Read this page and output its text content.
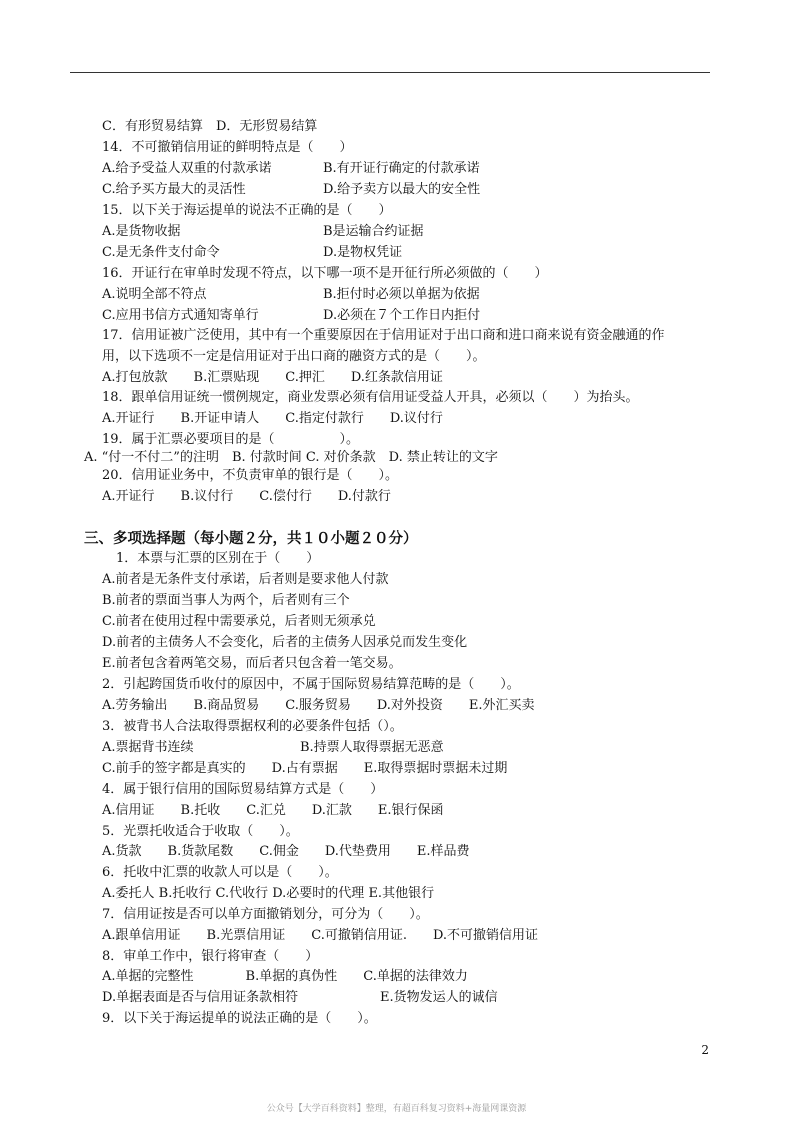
C．有形贸易结算　D．无形贸易结算
14．不可撤销信用证的鲜明特点是（　　）
A.给予受益人双重的付款承诺	B.有开证行确定的付款承诺
C.给予买方最大的灵活性	D.给予卖方以最大的安全性
15．以下关于海运提单的说法不正确的是（　　）
A.是货物收据	B是运输合约证据
C.是无条件支付命令	D.是物权凭证
16．开证行在审单时发现不符点，以下哪一项不是开征行所必须做的（　　）
A.说明全部不符点	B.拒付时必须以单据为依据
C.应用书信方式通知寄单行	D.必须在７个工作日内拒付
17．信用证被广泛使用，其中有一个重要原因在于信用证对于出口商和进口商来说有资金融通的作
用，以下选项不一定是信用证对于出口商的融资方式的是（　　）。
A.打包放款　　B.汇票贴现　　C.押汇　　D.红条款信用证
18．跟单信用证统一惯例规定，商业发票必须有信用证受益人开具，必须以（　　）为抬头。
A.开证行　　B.开证申请人　　C.指定付款行　　D.议付行
19．属于汇票必要项目的是（　　　　　）。
A. “付一不付二”的注明　B. 付款时间 C. 对价条款　D. 禁止转让的文字
20．信用证业务中，不负责审单的银行是（　　）。
A.开证行　　B.议付行　　C.偿付行　　D.付款行
三、多项选择题（每小题２分，共１０小题２０分）
1．本票与汇票的区别在于（　　）
A.前者是无条件支付承诺，后者则是要求他人付款
B.前者的票面当事人为两个，后者则有三个
C.前者在使用过程中需要承兑，后者则无须承兑
D.前者的主债务人不会变化，后者的主债务人因承兑而发生变化
E.前者包含着两笔交易，而后者只包含着一笔交易。
2．引起跨国货币收付的原因中，不属于国际贸易结算范畴的是（　　）。
A.劳务输出　　B.商品贸易　　C.服务贸易　　D.对外投资　　E.外汇买卖
3．被背书人合法取得票据权利的必要条件包括（）。
A.票据背书连续	B.持票人取得票据无恶意
C.前手的签字都是真实的　　D.占有票据　　E.取得票据时票据未过期
4．属于银行信用的国际贸易结算方式是（　　）
A.信用证　　B.托收　　C.汇兑　　D.汇款　　E.银行保函
5．光票托收适合于收取（　　）。
A.货款　　B.货款尾数　　C.佣金　　D.代垫费用　　E.样品费
6．托收中汇票的收款人可以是（　　）。
A.委托人 B.托收行 C.代收行 D.必要时的代理 E.其他银行
7．信用证按是否可以单方面撤销划分，可分为（　　）。
A.跟单信用证　　B.光票信用证　　C.可撤销信用证.　　D.不可撤销信用证
8．审单工作中，银行将审查（　　）
A.单据的完整性　　　　B.单据的真伪性　　C.单据的法律效力
D.单据表面是否与信用证条款相符	E.货物发运人的诚信
9．以下关于海运提单的说法正确的是（　　）。
2
公众号【大学百科资料】整理，有超百科复习资料+海量网课资源
